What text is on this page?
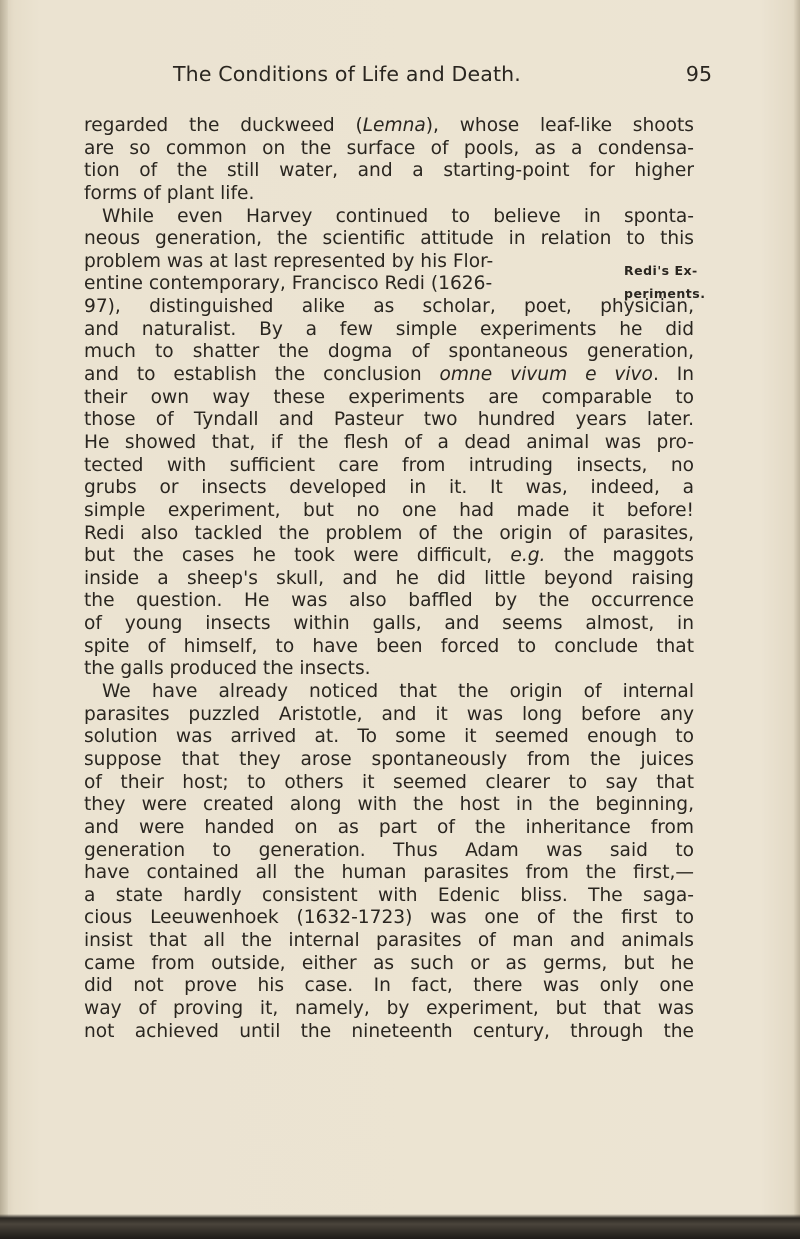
The Conditions of Life and Death.	95
Redi's Ex-
periments.
regarded the duckweed (Lemna), whose leaf-like shoots
are so common on the surface of pools, as a condensa-
tion of the still water, and a starting-point for higher
forms of plant life.
While even Harvey continued to believe in sponta-
neous generation, the scientific attitude in relation to this
problem was at last represented by his Flor-
entine contemporary, Francisco Redi (1626-
97), distinguished alike as scholar, poet, physician,
and naturalist. By a few simple experiments he did
much to shatter the dogma of spontaneous generation,
and to establish the conclusion omne vivum e vivo. In
their own way these experiments are comparable to
those of Tyndall and Pasteur two hundred years later.
He showed that, if the flesh of a dead animal was pro-
tected with sufficient care from intruding insects, no
grubs or insects developed in it. It was, indeed, a
simple experiment, but no one had made it before!
Redi also tackled the problem of the origin of parasites,
but the cases he took were difficult, e.g. the maggots
inside a sheep's skull, and he did little beyond raising
the question. He was also baffled by the occurrence
of young insects within galls, and seems almost, in
spite of himself, to have been forced to conclude that
the galls produced the insects.
We have already noticed that the origin of internal
parasites puzzled Aristotle, and it was long before any
solution was arrived at. To some it seemed enough to
suppose that they arose spontaneously from the juices
of their host; to others it seemed clearer to say that
they were created along with the host in the beginning,
and were handed on as part of the inheritance from
generation to generation. Thus Adam was said to
have contained all the human parasites from the first,—
a state hardly consistent with Edenic bliss. The saga-
cious Leeuwenhoek (1632-1723) was one of the first to
insist that all the internal parasites of man and animals
came from outside, either as such or as germs, but he
did not prove his case. In fact, there was only one
way of proving it, namely, by experiment, but that was
not achieved until the nineteenth century, through the
